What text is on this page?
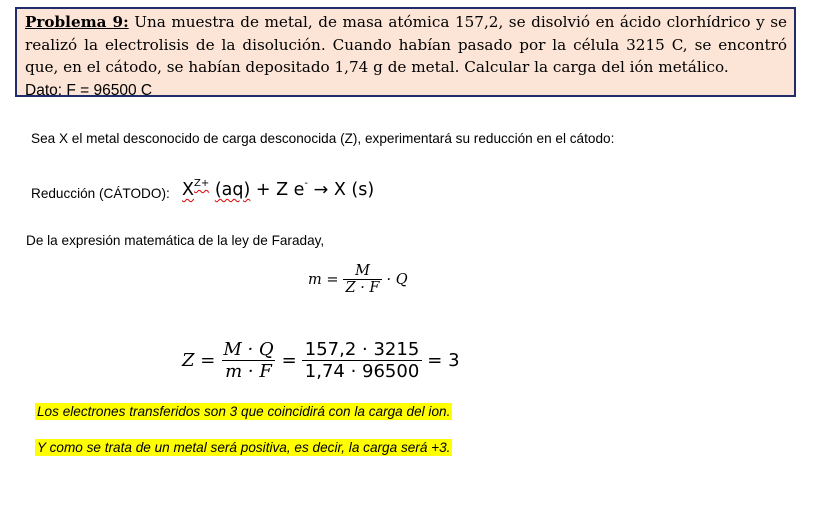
Problema 9: Una muestra de metal, de masa atómica 157,2, se disolvió en ácido clorhídrico y se realizó la electrolisis de la disolución. Cuando habían pasado por la célula 3215 C, se encontró que, en el cátodo, se habían depositado 1,74 g de metal. Calcular la carga del ión metálico.
Dato: F = 96500 C
Sea X el metal desconocido de carga desconocida (Z), experimentará su reducción en el cátodo:
Reducción (CÁTODO): $X^{Z+}$ (aq) + Z e- → X (s)
De la expresión matemática de la ley de Faraday,
$m = \frac{M}{Z \cdot F} \cdot Q$
$Z = \frac{M \cdot Q}{m \cdot F} = \frac{157,2 \cdot 3215}{1,74 \cdot 96500} = 3$
Los electrones transferidos son 3 que coincidirá con la carga del ion.
Y como se trata de un metal será positiva, es decir, la carga será +3.
